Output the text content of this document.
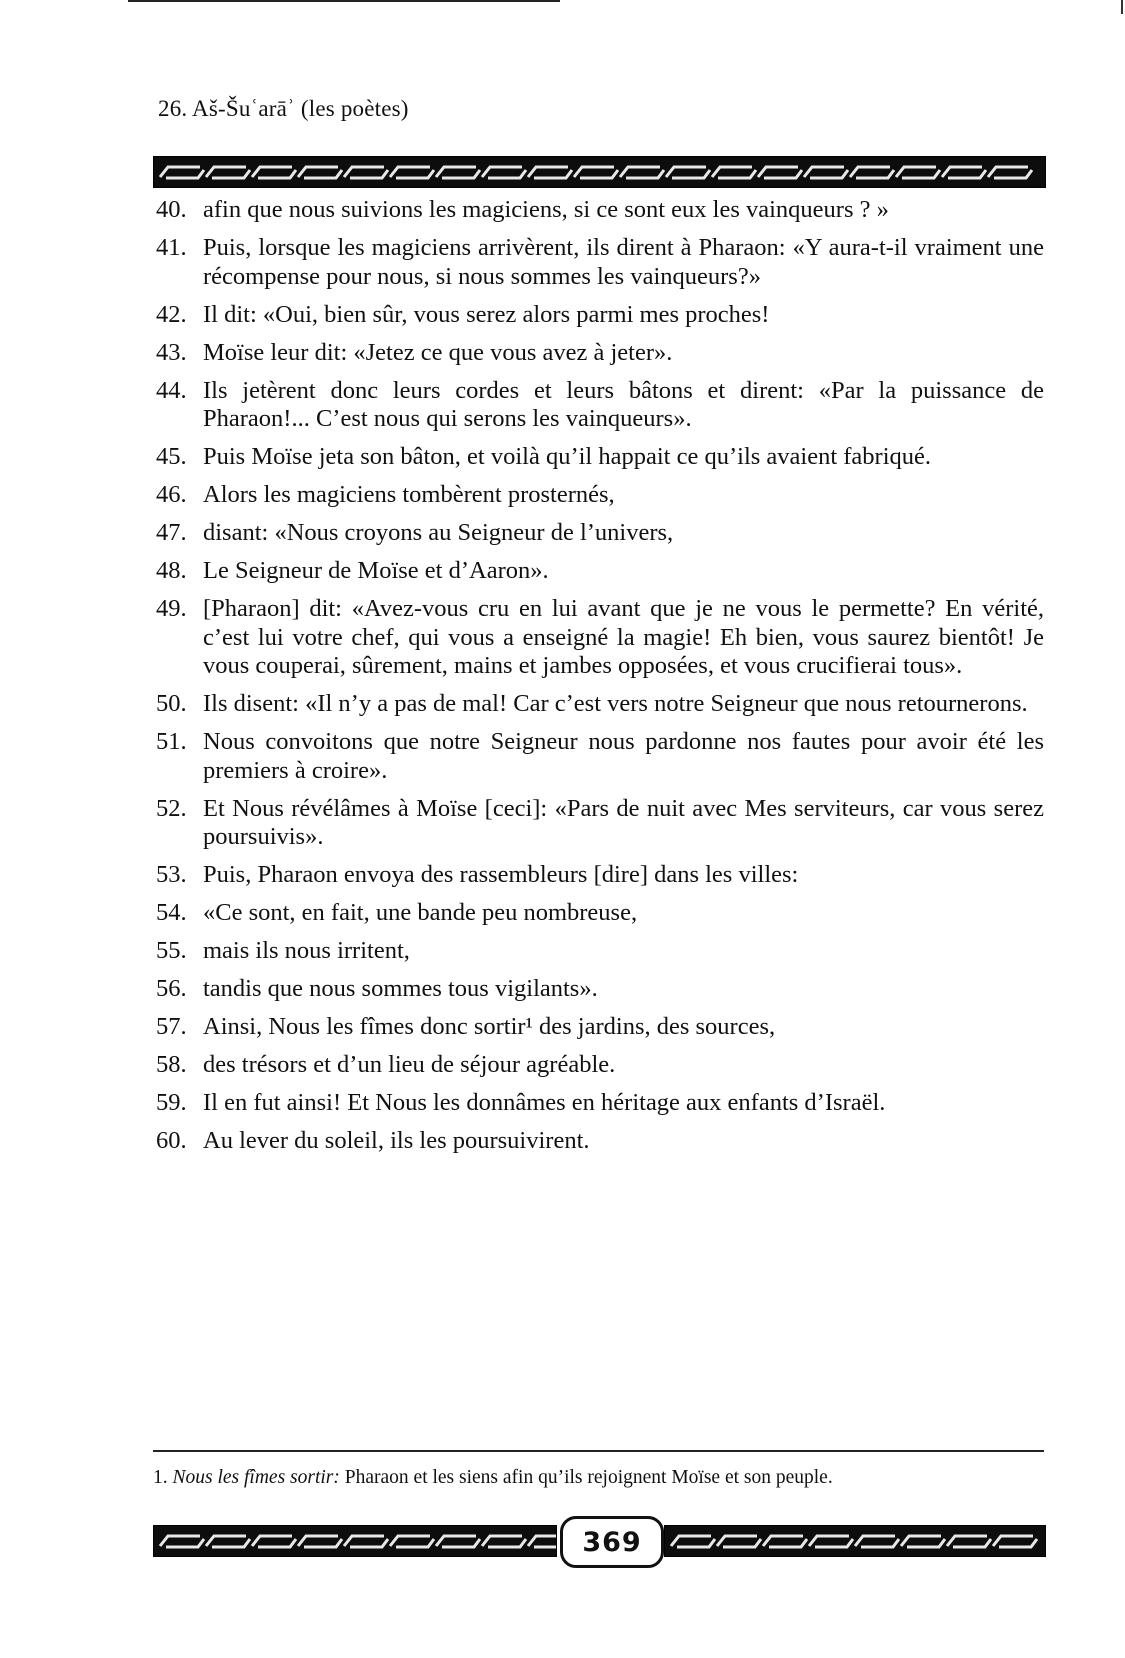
26. Aš-Šuʿarāʾ (les poètes)
40. afin que nous suivions les magiciens, si ce sont eux les vainqueurs ? »
41. Puis, lorsque les magiciens arrivèrent, ils dirent à Pharaon: «Y aura-t-il vraiment une récompense pour nous, si nous sommes les vainqueurs?»
42. Il dit: «Oui, bien sûr, vous serez alors parmi mes proches!
43. Moïse leur dit: «Jetez ce que vous avez à jeter».
44. Ils jetèrent donc leurs cordes et leurs bâtons et dirent: «Par la puissance de Pharaon!... C’est nous qui serons les vainqueurs».
45. Puis Moïse jeta son bâton, et voilà qu’il happait ce qu’ils avaient fabriqué.
46. Alors les magiciens tombèrent prosternés,
47. disant: «Nous croyons au Seigneur de l’univers,
48. Le Seigneur de Moïse et d’Aaron».
49. [Pharaon] dit: «Avez-vous cru en lui avant que je ne vous le permette? En vérité, c’est lui votre chef, qui vous a enseigné la magie! Eh bien, vous saurez bientôt! Je vous couperai, sûrement, mains et jambes opposées, et vous crucifierai tous».
50. Ils disent: «Il n’y a pas de mal! Car c’est vers notre Seigneur que nous retournerons.
51. Nous convoitons que notre Seigneur nous pardonne nos fautes pour avoir été les premiers à croire».
52. Et Nous révélâmes à Moïse [ceci]: «Pars de nuit avec Mes serviteurs, car vous serez poursuivis».
53. Puis, Pharaon envoya des rassembleurs [dire] dans les villes:
54. «Ce sont, en fait, une bande peu nombreuse,
55. mais ils nous irritent,
56. tandis que nous sommes tous vigilants».
57. Ainsi, Nous les fîmes donc sortir¹ des jardins, des sources,
58. des trésors et d’un lieu de séjour agréable.
59. Il en fut ainsi! Et Nous les donnâmes en héritage aux enfants d’Israël.
60. Au lever du soleil, ils les poursuivirent.
1. Nous les fîmes sortir: Pharaon et les siens afin qu’ils rejoignent Moïse et son peuple.
369
